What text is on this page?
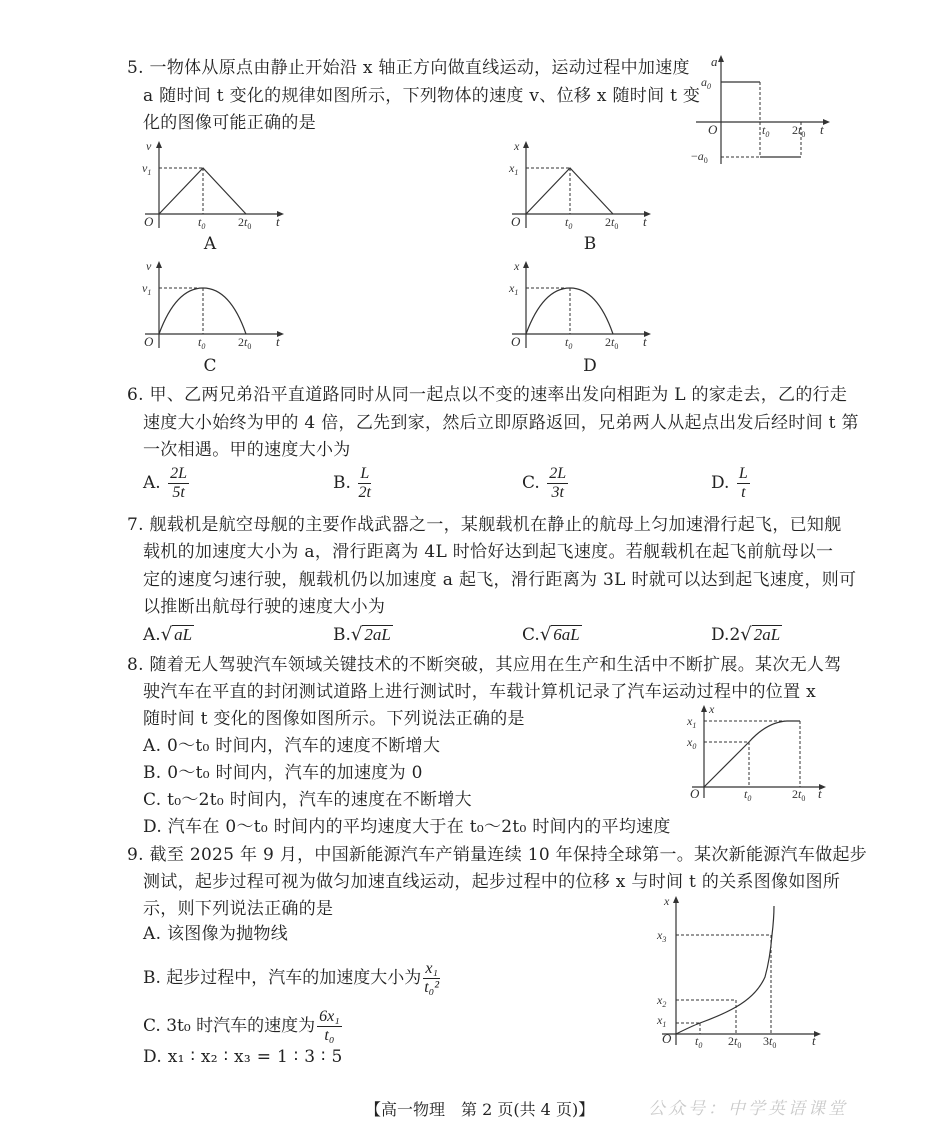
5. 一物体从原点由静止开始沿 x 轴正方向做直线运动，运动过程中加速度
a 随时间 t 变化的规律如图所示，下列物体的速度 v、位移 x 随时间 t 变
化的图像可能正确的是
a
$a_0$
$-a_0$
O	$t_0$ $2t_0$ t
v
$v_1$
O	$t_0$	$2t_0$ t
A
x
$x_1$
O	$t_0$	$2t_0$ t
B
v
$v_1$
O	$t_0$	$2t_0$ t
C
x
$x_1$
O	$t_0$	$2t_0$ t
D
6. 甲、乙两兄弟沿平直道路同时从同一起点以不变的速率出发向相距为 L 的家走去，乙的行走
速度大小始终为甲的 4 倍，乙先到家，然后立即原路返回，兄弟两人从起点出发后经时间 t 第
一次相遇。甲的速度大小为
A. $\frac{2L}{5t}$	B. $\frac{L}{2t}$	C. $\frac{2L}{3t}$	D. $\frac{L}{t}$
7. 舰载机是航空母舰的主要作战武器之一，某舰载机在静止的航母上匀加速滑行起飞，已知舰
载机的加速度大小为 a，滑行距离为 4L 时恰好达到起飞速度。若舰载机在起飞前航母以一
定的速度匀速行驶，舰载机仍以加速度 a 起飞，滑行距离为 3L 时就可以达到起飞速度，则可
以推断出航母行驶的速度大小为
A.√ aL	B.√ 2aL	C.√ 6aL	D.2√ 2aL
8. 随着无人驾驶汽车领域关键技术的不断突破，其应用在生产和生活中不断扩展。某次无人驾
驶汽车在平直的封闭测试道路上进行测试时，车载计算机记录了汽车运动过程中的位置 x
随时间 t 变化的图像如图所示。下列说法正确的是
A. 0～t₀ 时间内，汽车的速度不断增大
B. 0～t₀ 时间内，汽车的加速度为 0
C. t₀～2t₀ 时间内，汽车的速度在不断增大
D. 汽车在 0～t₀ 时间内的平均速度大于在 t₀～2t₀ 时间内的平均速度
x
$x_1$
$x_0$
O	$t_0$	$2t_0$ t
9. 截至 2025 年 9 月，中国新能源汽车产销量连续 10 年保持全球第一。某次新能源汽车做起步
测试，起步过程可视为做匀加速直线运动，起步过程中的位移 x 与时间 t 的关系图像如图所
示，则下列说法正确的是
A. 该图像为抛物线
B. 起步过程中，汽车的加速度大小为 $\frac{\text{x₁}}{\text{t₀²}}$
C. 3t₀ 时汽车的速度为 $\frac{\text{6x₁}}{\text{t₀}}$
D. x₁ ∶ x₂ ∶ x₃ = 1 ∶ 3 ∶ 5
x
$x_3$
$x_2$
$x_1$
O $t_0$ $2t_0$ $3t_0$	t
【高一物理　第 2 页(共 4 页)】	公众号：中学英语课堂
